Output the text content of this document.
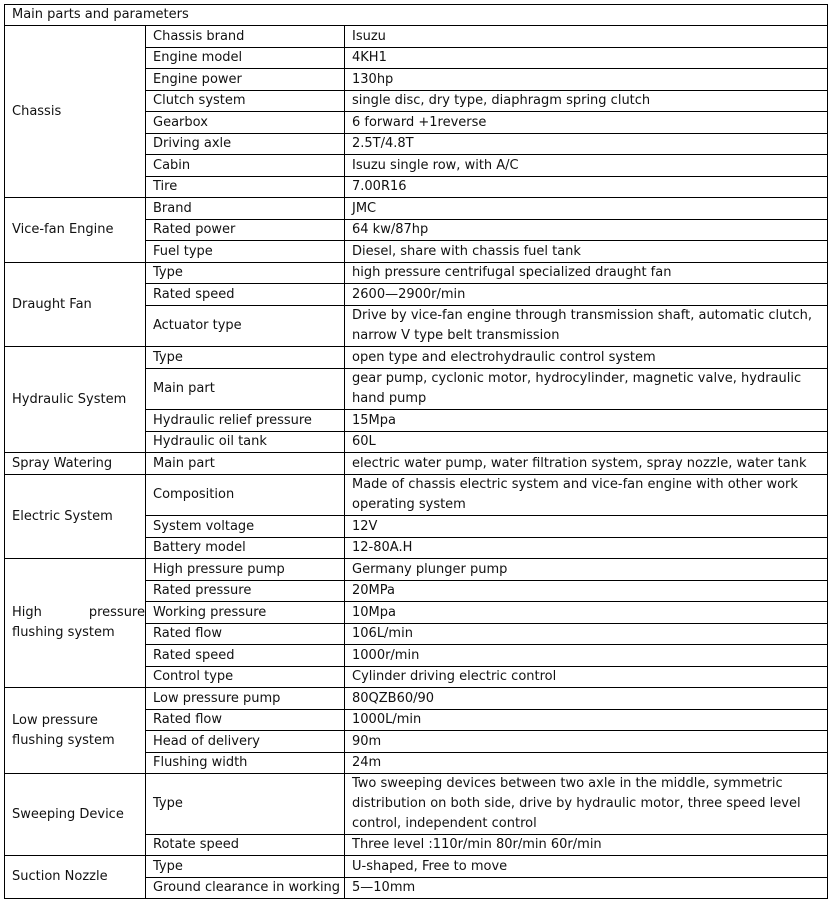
Main parts and parameters		
Chassis	Chassis brand	Isuzu
	Engine model	4KH1
	Engine power	130hp
	Clutch system	single disc, dry type, diaphragm spring clutch
	Gearbox	6 forward +1reverse
	Driving axle	2.5T/4.8T
	Cabin	Isuzu single row, with A/C
	Tire	7.00R16
Vice-fan Engine	Brand	JMC
	Rated power	64 kw/87hp
	Fuel type	Diesel, share with chassis fuel tank
Draught Fan	Type	high pressure centrifugal specialized draught fan
	Rated speed	2600—2900r/min
	Actuator type	Drive by vice-fan engine through transmission shaft, automatic clutch, narrow V type belt transmission
Hydraulic System	Type	open type and electrohydraulic control system
	Main part	gear pump, cyclonic motor, hydrocylinder, magnetic valve, hydraulic hand pump
	Hydraulic relief pressure	15Mpa
	Hydraulic oil tank	60L
Spray Watering	Main part	electric water pump, water filtration system, spray nozzle, water tank
Electric System	Composition	Made of chassis electric system and vice-fan engine with other work operating system
	System voltage	12V
	Battery model	12-80A.H
High pressure flushing system	High pressure pump	Germany plunger pump
	Rated pressure	20MPa
	Working pressure	10Mpa
	Rated flow	106L/min
	Rated speed	1000r/min
	Control type	Cylinder driving electric control
Low pressure flushing system	Low pressure pump	80QZB60/90
	Rated flow	1000L/min
	Head of delivery	90m
	Flushing width	24m
Sweeping Device	Type	Two sweeping devices between two axle in the middle, symmetric distribution on both side, drive by hydraulic motor, three speed level control, independent control
	Rotate speed	Three level :110r/min 80r/min 60r/min
Suction Nozzle	Type	U-shaped, Free to move
	Ground clearance in working	5—10mm
